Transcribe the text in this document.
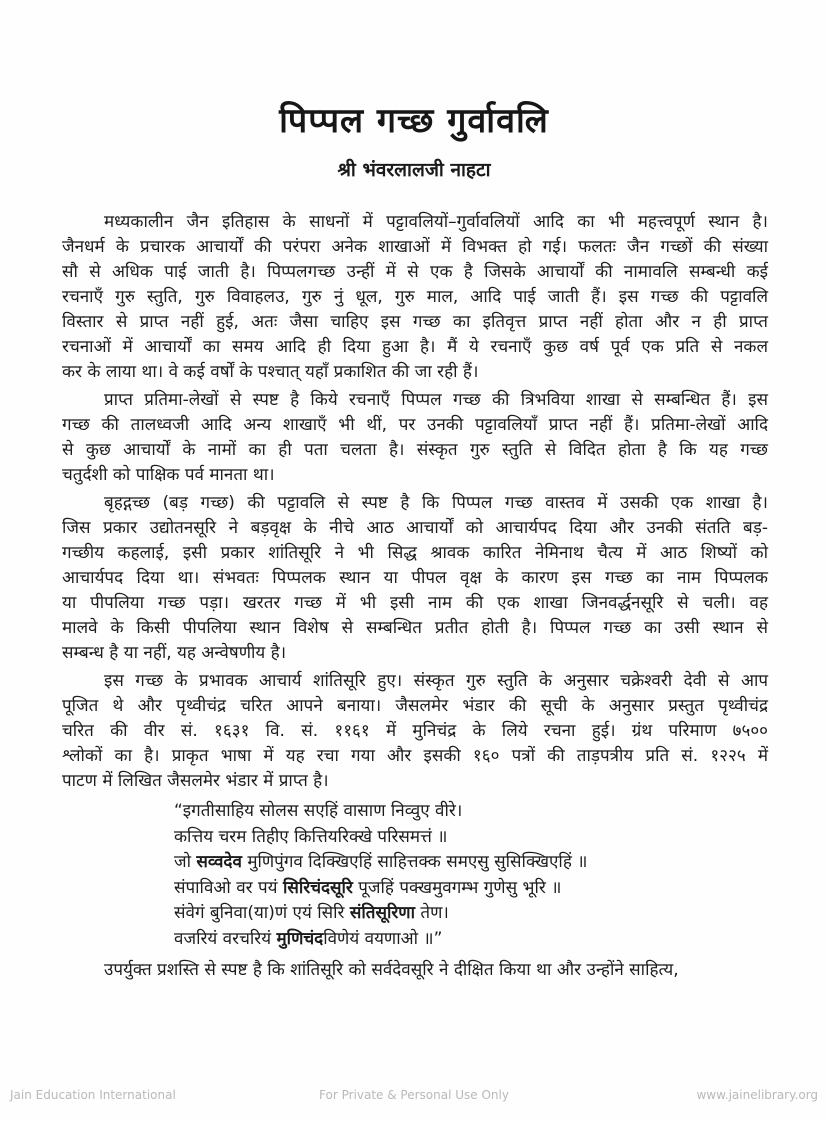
पिप्पल गच्छ गुर्वावलि
श्री भंवरलालजी नाहटा
मध्यकालीन जैन इतिहास के साधनों में पट्टावलियों–गुर्वावलियों आदि का भी महत्त्वपूर्ण स्थान है।
जैनधर्म के प्रचारक आचार्यों की परंपरा अनेक शाखाओं में विभक्त हो गई। फलतः जैन गच्छों की संख्या
सौ से अधिक पाई जाती है। पिप्पलगच्छ उन्हीं में से एक है जिसके आचार्यों की नामावलि सम्बन्धी कई
रचनाएँ गुरु स्तुति, गुरु विवाहलउ, गुरु नुं धूल, गुरु माल, आदि पाई जाती हैं। इस गच्छ की पट्टावलि
विस्तार से प्राप्त नहीं हुई, अतः जैसा चाहिए इस गच्छ का इतिवृत्त प्राप्त नहीं होता और न ही प्राप्त
रचनाओं में आचार्यों का समय आदि ही दिया हुआ है। मैं ये रचनाएँ कुछ वर्ष पूर्व एक प्रति से नकल
कर के लाया था। वे कई वर्षों के पश्चात् यहाँ प्रकाशित की जा रही हैं।
प्राप्त प्रतिमा-लेखों से स्पष्ट है किये रचनाएँ पिप्पल गच्छ की त्रिभविया शाखा से सम्बन्धित हैं। इस
गच्छ की तालध्वजी आदि अन्य शाखाएँ भी थीं, पर उनकी पट्टावलियाँ प्राप्त नहीं हैं। प्रतिमा-लेखों आदि
से कुछ आचार्यों के नामों का ही पता चलता है। संस्कृत गुरु स्तुति से विदित होता है कि यह गच्छ
चतुर्दशी को पाक्षिक पर्व मानता था।
बृहद्गच्छ (बड़ गच्छ) की पट्टावलि से स्पष्ट है कि पिप्पल गच्छ वास्तव में उसकी एक शाखा है।
जिस प्रकार उद्योतनसूरि ने बड़वृक्ष के नीचे आठ आचार्यों को आचार्यपद दिया और उनकी संतति बड़-
गच्छीय कहलाई, इसी प्रकार शांतिसूरि ने भी सिद्ध श्रावक कारित नेमिनाथ चैत्य में आठ शिष्यों को
आचार्यपद दिया था। संभवतः पिप्पलक स्थान या पीपल वृक्ष के कारण इस गच्छ का नाम पिप्पलक
या पीपलिया गच्छ पड़ा। खरतर गच्छ में भी इसी नाम की एक शाखा जिनवर्द्धनसूरि से चली। वह
मालवे के किसी पीपलिया स्थान विशेष से सम्बन्धित प्रतीत होती है। पिप्पल गच्छ का उसी स्थान से
सम्बन्ध है या नहीं, यह अन्वेषणीय है।
इस गच्छ के प्रभावक आचार्य शांतिसूरि हुए। संस्कृत गुरु स्तुति के अनुसार चक्रेश्वरी देवी से आप
पूजित थे और पृथ्वीचंद्र चरित आपने बनाया। जैसलमेर भंडार की सूची के अनुसार प्रस्तुत पृथ्वीचंद्र
चरित की वीर सं. १६३१ वि. सं. ११६१ में मुनिचंद्र के लिये रचना हुई। ग्रंथ परिमाण ७५००
श्लोकों का है। प्राकृत भाषा में यह रचा गया और इसकी १६० पत्रों की ताड़पत्रीय प्रति सं. १२२५ में
पाटण में लिखित जैसलमेर भंडार में प्राप्त है।
“इगतीसाहिय सोलस सएहिं वासाण निव्वुए वीरे।
कत्तिय चरम तिहीए कित्तियरिक्खे परिसमत्तं ॥
जो सव्वदेव मुणिपुंगव दिक्खिएहिं साहित्तक्क समएसु सुसिक्खिएहिं ॥
संपाविओ वर पयं सिरिचंदसूरि पूजहिं पक्खमुवगम्भ गुणेसु भूरि ॥
संवेगं बुनिवा(या)णं एयं सिरि संतिसूरिणा तेण।
वजरियं वरचरियं मुणिचंदविणेयं वयणाओ ॥”
उपर्युक्त प्रशस्ति से स्पष्ट है कि शांतिसूरि को सर्वदेवसूरि ने दीक्षित किया था और उन्होंने साहित्य,
Jain Education International	For Private & Personal Use Only	www.jainelibrary.org
